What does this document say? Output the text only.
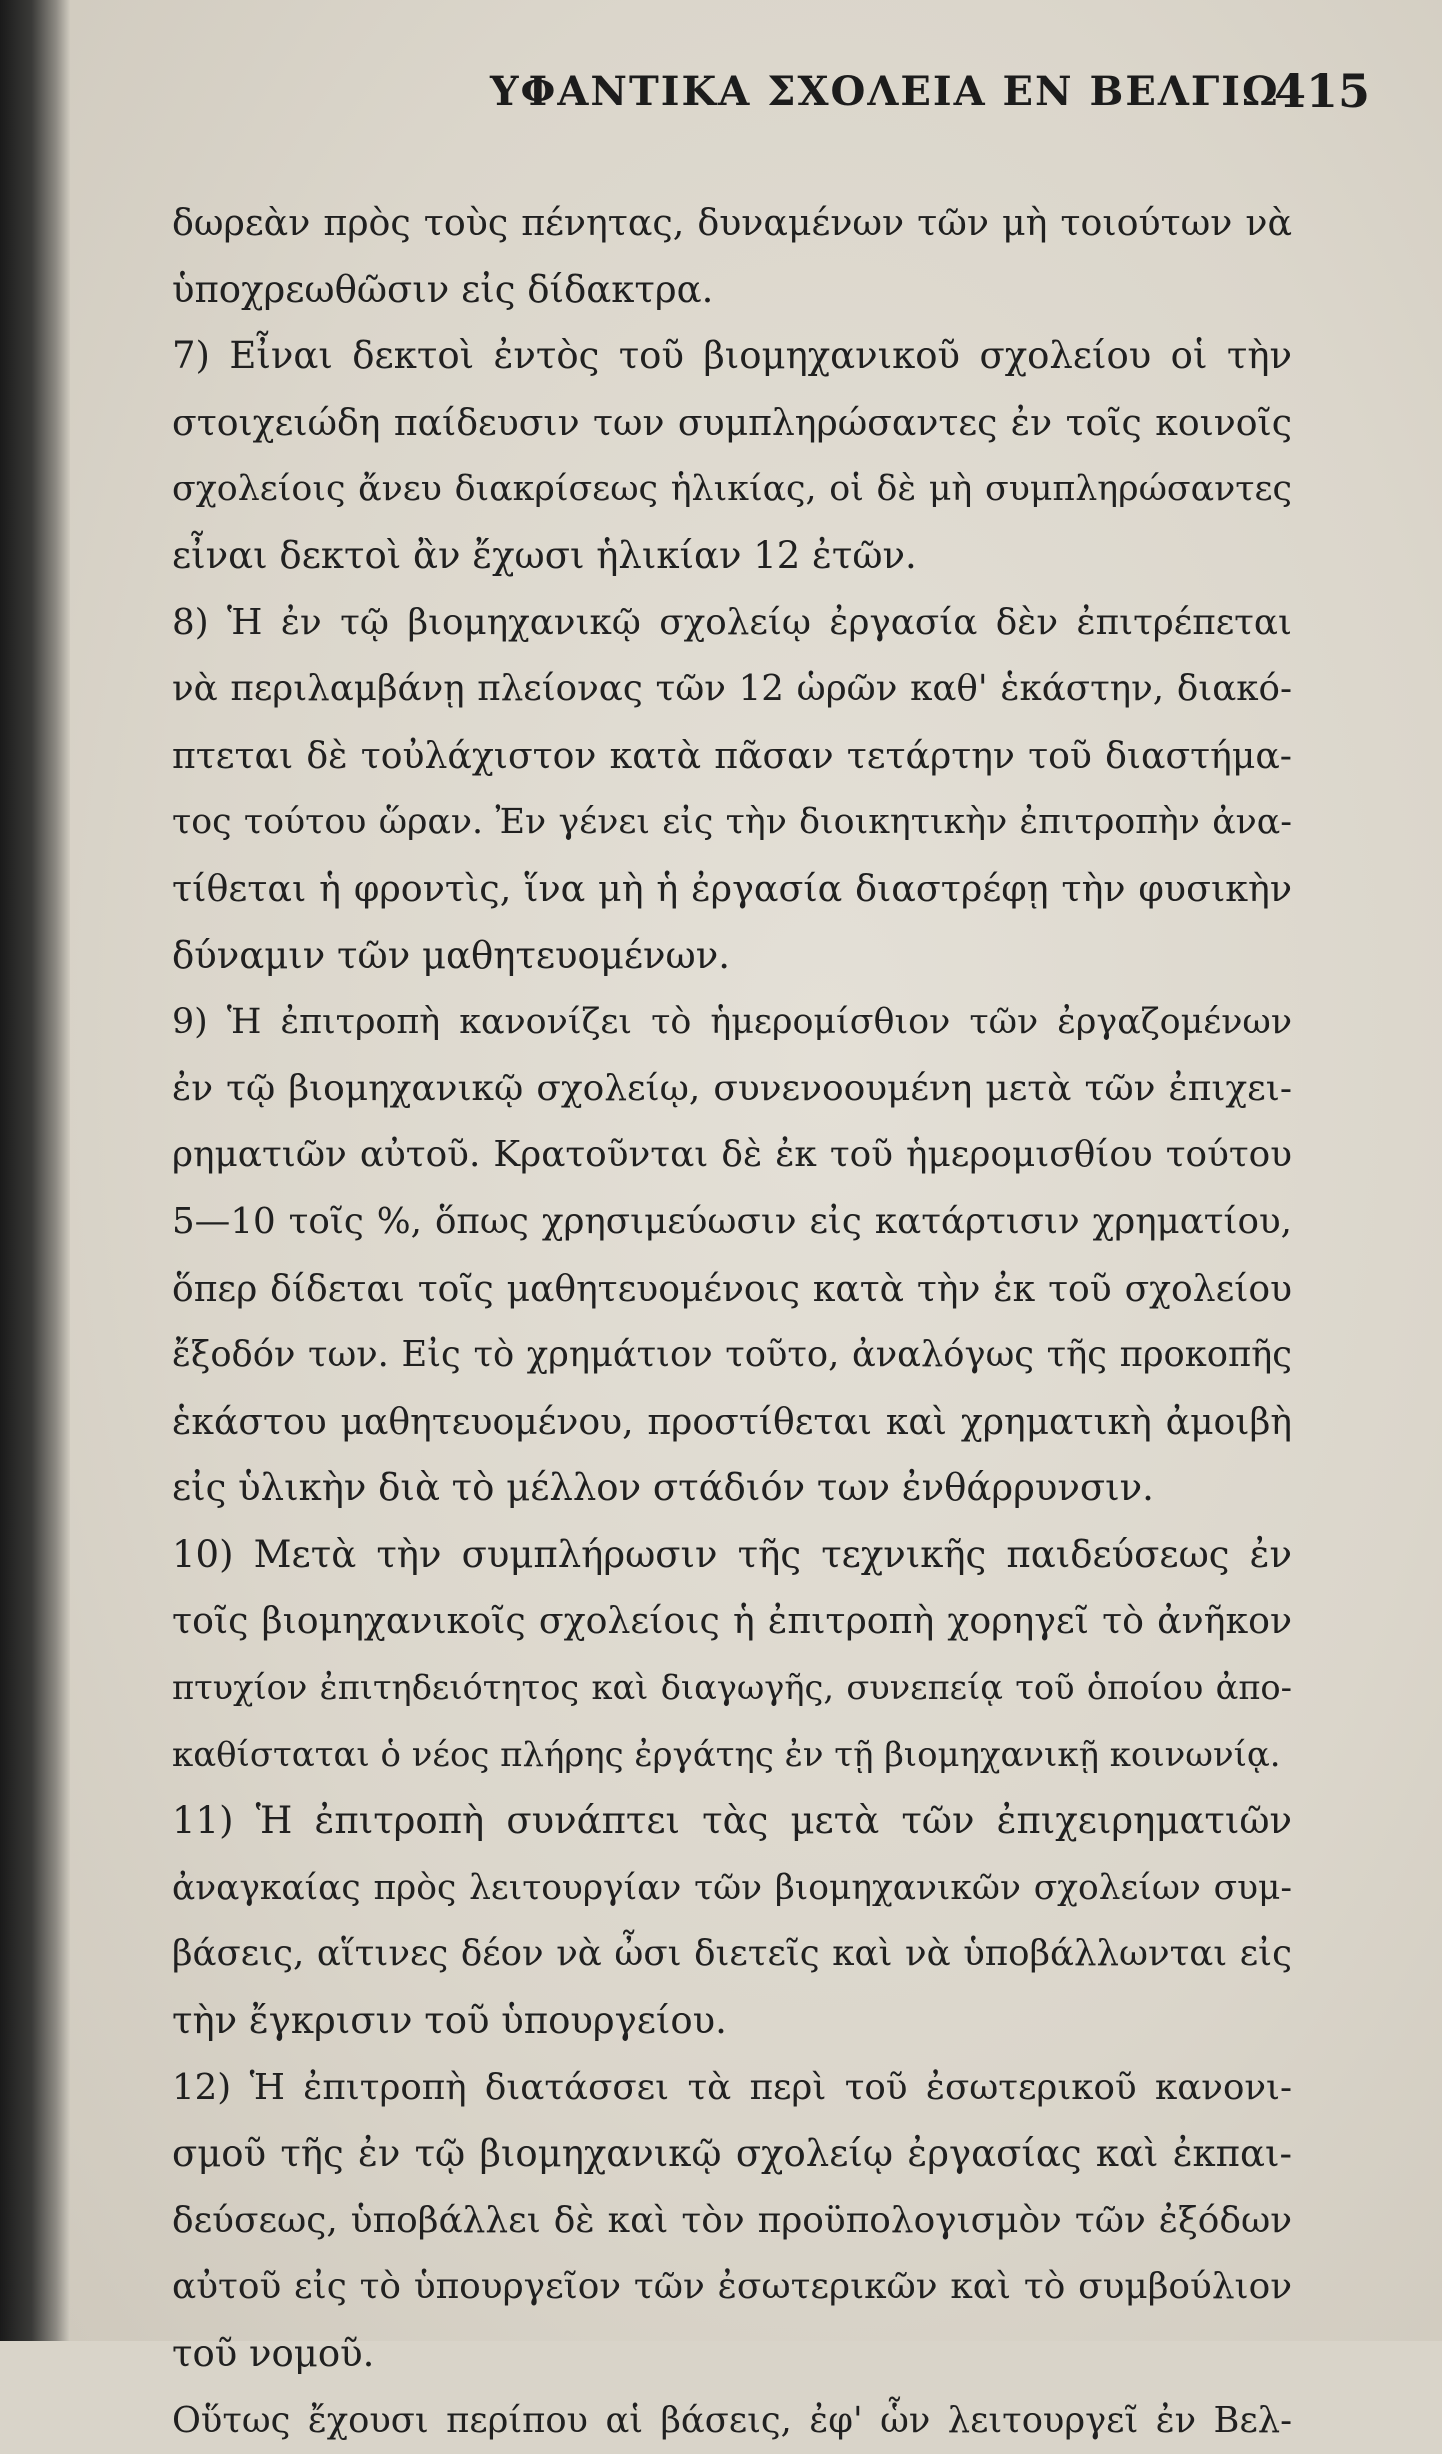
ΥΦΑΝΤΙΚΑ ΣΧΟΛΕΙΑ ΕΝ ΒΕΛΓΙΩ
415
δωρεὰν πρὸς τοὺς πένητας, δυναμένων τῶν μὴ τοιούτων νὰ
ὑποχρεωθῶσιν εἰς δίδακτρα.
7) Εἶναι δεκτοὶ ἐντὸς τοῦ βιομηχανικοῦ σχολείου οἱ τὴν
στοιχειώδη παίδευσιν των συμπληρώσαντες ἐν τοῖς κοινοῖς
σχολείοις ἄνευ διακρίσεως ἡλικίας, οἱ δὲ μὴ συμπληρώσαντες
εἶναι δεκτοὶ ἂν ἔχωσι ἡλικίαν 12 ἐτῶν.
8) Ἡ ἐν τῷ βιομηχανικῷ σχολείῳ ἐργασία δὲν ἐπιτρέπεται
νὰ περιλαμβάνῃ πλείονας τῶν 12 ὡρῶν καθ' ἑκάστην, διακό-
πτεται δὲ τοὐλάχιστον κατὰ πᾶσαν τετάρτην τοῦ διαστήμα-
τος τούτου ὥραν. Ἐν γένει εἰς τὴν διοικητικὴν ἐπιτροπὴν ἀνα-
τίθεται ἡ φροντὶς, ἵνα μὴ ἡ ἐργασία διαστρέφῃ τὴν φυσικὴν
δύναμιν τῶν μαθητευομένων.
9) Ἡ ἐπιτροπὴ κανονίζει τὸ ἡμερομίσθιον τῶν ἐργαζομένων
ἐν τῷ βιομηχανικῷ σχολείῳ, συνενοουμένη μετὰ τῶν ἐπιχει-
ρηματιῶν αὐτοῦ. Κρατοῦνται δὲ ἐκ τοῦ ἡμερομισθίου τούτου
5—10 τοῖς %, ὅπως χρησιμεύωσιν εἰς κατάρτισιν χρηματίου,
ὅπερ δίδεται τοῖς μαθητευομένοις κατὰ τὴν ἐκ τοῦ σχολείου
ἔξοδόν των. Εἰς τὸ χρημάτιον τοῦτο, ἀναλόγως τῆς προκοπῆς
ἑκάστου μαθητευομένου, προστίθεται καὶ χρηματικὴ ἀμοιβὴ
εἰς ὑλικὴν διὰ τὸ μέλλον στάδιόν των ἐνθάρρυνσιν.
10) Μετὰ τὴν συμπλήρωσιν τῆς τεχνικῆς παιδεύσεως ἐν
τοῖς βιομηχανικοῖς σχολείοις ἡ ἐπιτροπὴ χορηγεῖ τὸ ἀνῆκον
πτυχίον ἐπιτηδειότητος καὶ διαγωγῆς, συνεπείᾳ τοῦ ὁποίου ἀπο-
καθίσταται ὁ νέος πλήρης ἐργάτης ἐν τῇ βιομηχανικῇ κοινωνίᾳ.
11) Ἡ ἐπιτροπὴ συνάπτει τὰς μετὰ τῶν ἐπιχειρηματιῶν
ἀναγκαίας πρὸς λειτουργίαν τῶν βιομηχανικῶν σχολείων συμ-
βάσεις, αἵτινες δέον νὰ ὦσι διετεῖς καὶ νὰ ὑποβάλλωνται εἰς
τὴν ἔγκρισιν τοῦ ὑπουργείου.
12) Ἡ ἐπιτροπὴ διατάσσει τὰ περὶ τοῦ ἐσωτερικοῦ κανονι-
σμοῦ τῆς ἐν τῷ βιομηχανικῷ σχολείῳ ἐργασίας καὶ ἐκπαι-
δεύσεως, ὑποβάλλει δὲ καὶ τὸν προϋπολογισμὸν τῶν ἐξόδων
αὐτοῦ εἰς τὸ ὑπουργεῖον τῶν ἐσωτερικῶν καὶ τὸ συμβούλιον
τοῦ νομοῦ.
Οὕτως ἔχουσι περίπου αἱ βάσεις, ἐφ' ὧν λειτουργεῖ ἐν Βελ-
